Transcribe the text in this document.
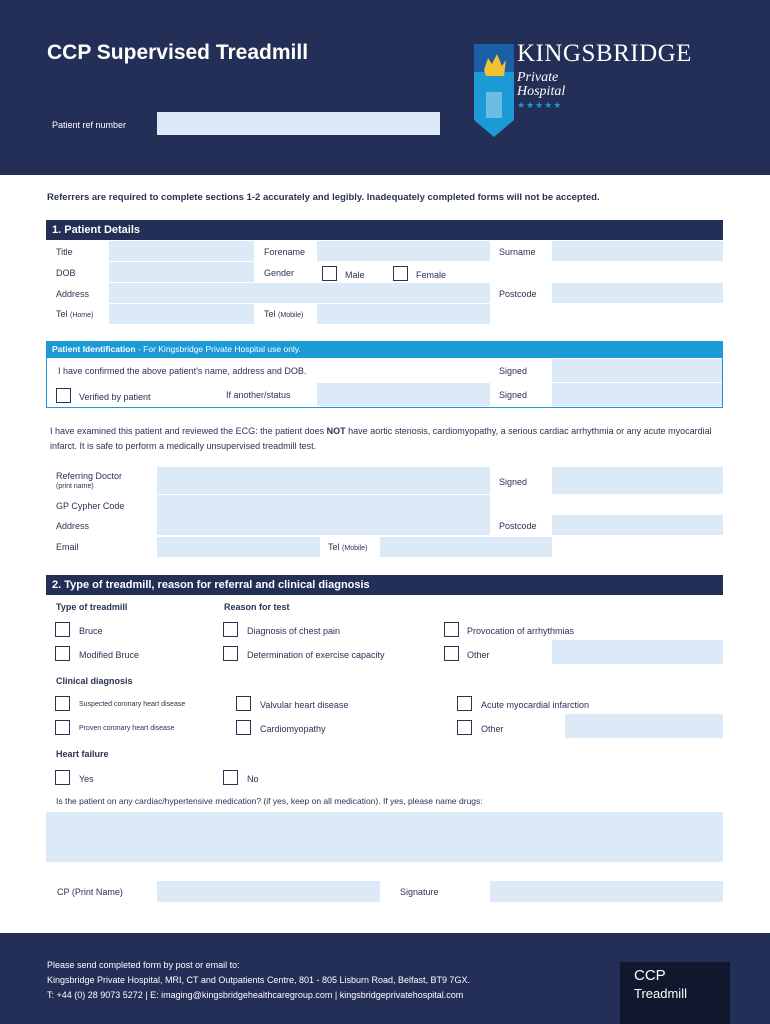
CCP Supervised Treadmill
Patient ref number
KINGSBRIDGE
Private
Hospital
★★★★★
Referrers are required to complete sections 1-2 accurately and legibly. Inadequately completed forms will not be accepted.
1. Patient Details
Title	Forename	Surname
DOB	Gender	Male	Female
Address	Postcode
Tel (Home)	Tel (Mobile)
Patient Identification - For Kingsbridge Private Hospital use only.
I have confirmed the above patient's name, address and DOB.	Signed
Verified by patient	If another/status	Signed
I have examined this patient and reviewed the ECG: the patient does NOT have aortic stenosis, cardiomyopathy, a serious cardiac arrhythmia or any acute myocardial infarct. It is safe to perform a medically unsupervised treadmill test.
Referring Doctor
(print name)	Signed
GP Cypher Code
Address	Postcode
Email	Tel (Mobile)
2. Type of treadmill, reason for referral and clinical diagnosis
Type of treadmill	Reason for test
Bruce	Diagnosis of chest pain	Provocation of arrhythmias
Modified Bruce	Determination of exercise capacity	Other
Clinical diagnosis
Suspected coronary heart disease	Valvular heart disease	Acute myocardial infarction
Proven coronary heart disease	Cardiomyopathy	Other
Heart failure
Yes	No
Is the patient on any cardiac/hypertensive medication? (if yes, keep on all medication). If yes, please name drugs:
CP (Print Name)	Signature
Please send completed form by post or email to:
Kingsbridge Private Hospital, MRI, CT and Outpatients Centre, 801 - 805 Lisburn Road, Belfast, BT9 7GX.
T: +44 (0) 28 9073 5272 | E: imaging@kingsbridgehealthcaregroup.com | kingsbridgeprivatehospital.com
CCP
Treadmill
